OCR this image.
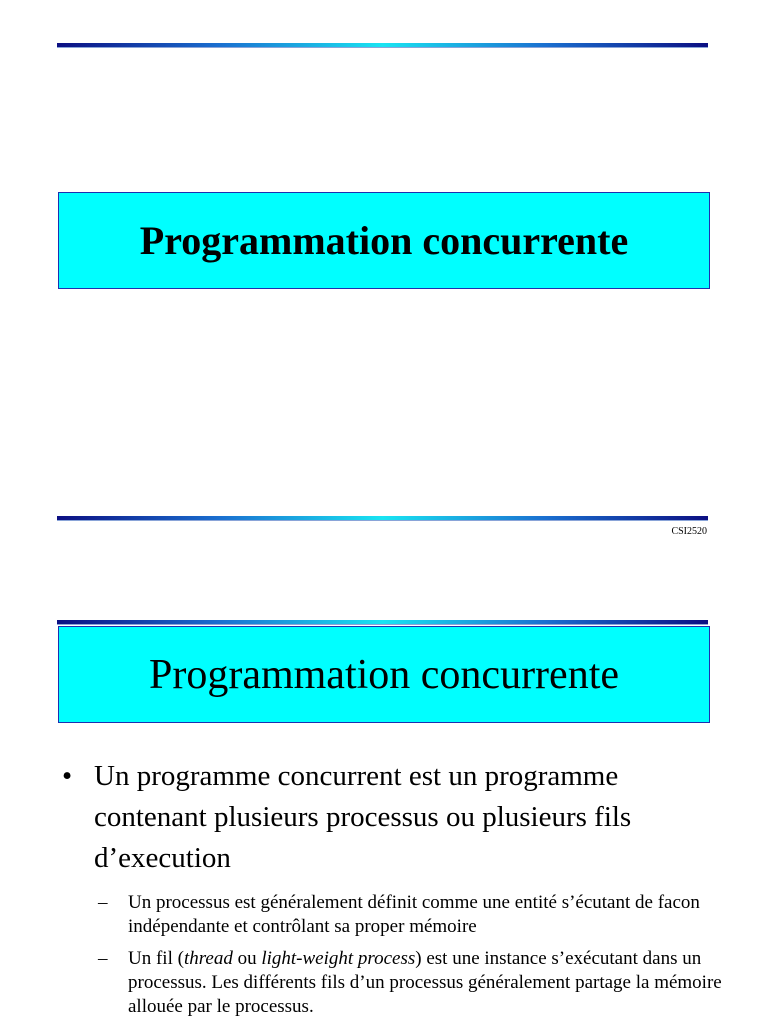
Programmation concurrente
CSI2520
Programmation concurrente
• Un programme concurrent est un programme contenant plusieurs processus ou plusieurs fils d’execution
–	Un processus est généralement définit comme une entité s’écutant de facon indépendante et contrôlant sa proper mémoire
–	Un fil (thread ou light-weight process) est une instance s’exécutant dans un processus. Les différents fils d’un processus généralement partage la mémoire allouée par le processus.
